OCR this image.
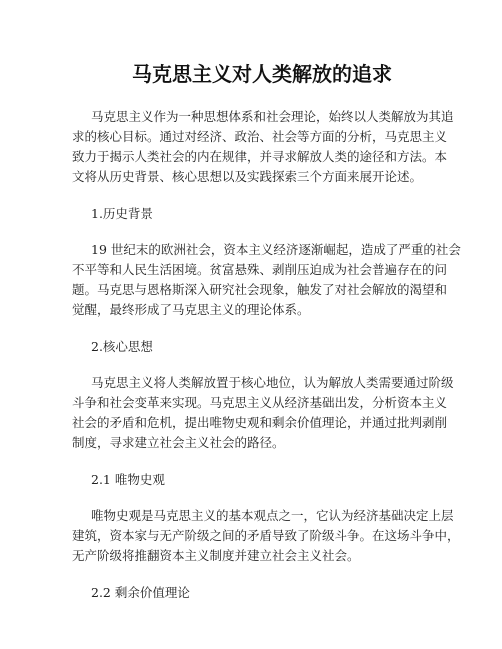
马克思主义对人类解放的追求

马克思主义作为一种思想体系和社会理论，始终以人类解放为其追
求的核心目标。通过对经济、政治、社会等方面的分析，马克思主义
致力于揭示人类社会的内在规律，并寻求解放人类的途径和方法。本
文将从历史背景、核心思想以及实践探索三个方面来展开论述。

1.历史背景

19 世纪末的欧洲社会，资本主义经济逐渐崛起，造成了严重的社会
不平等和人民生活困境。贫富悬殊、剥削压迫成为社会普遍存在的问
题。马克思与恩格斯深入研究社会现象，触发了对社会解放的渴望和
觉醒，最终形成了马克思主义的理论体系。

2.核心思想

马克思主义将人类解放置于核心地位，认为解放人类需要通过阶级
斗争和社会变革来实现。马克思主义从经济基础出发，分析资本主义
社会的矛盾和危机，提出唯物史观和剩余价值理论，并通过批判剥削
制度，寻求建立社会主义社会的路径。

2.1 唯物史观

唯物史观是马克思主义的基本观点之一，它认为经济基础决定上层
建筑，资本家与无产阶级之间的矛盾导致了阶级斗争。在这场斗争中，
无产阶级将推翻资本主义制度并建立社会主义社会。

2.2 剩余价值理论
